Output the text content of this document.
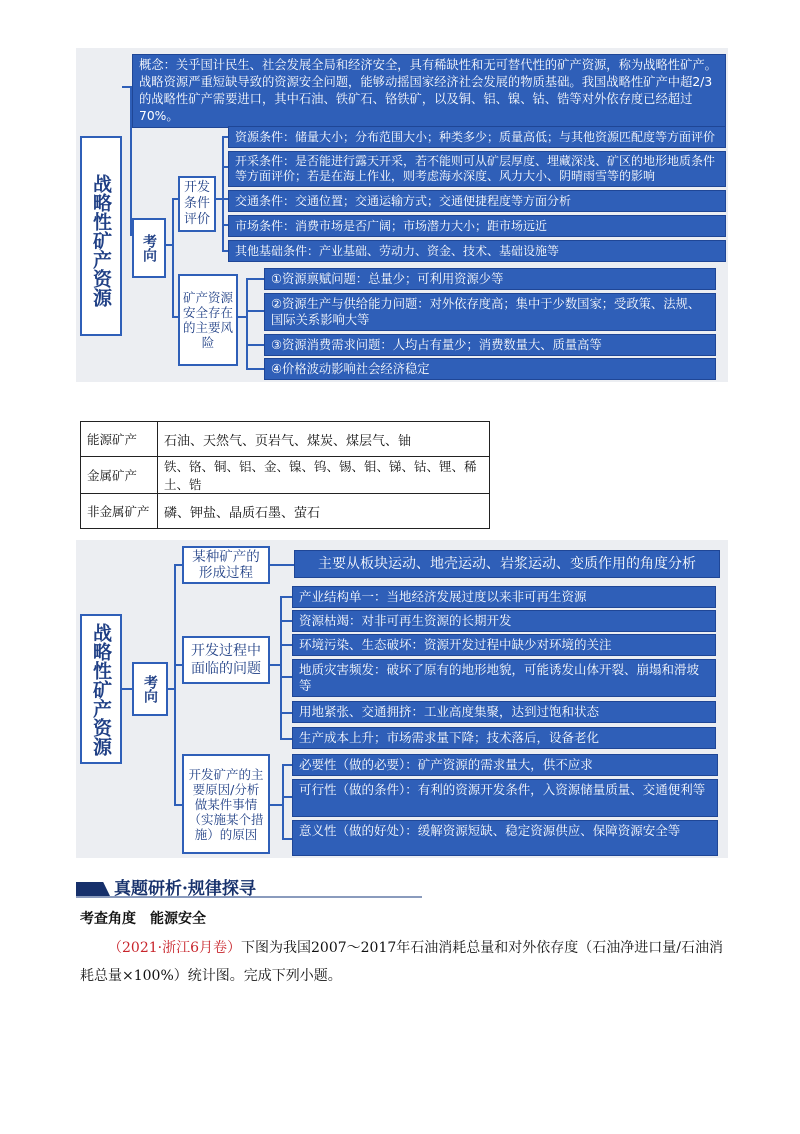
战略性矿产资源
概念：关乎国计民生、社会发展全局和经济安全，具有稀缺性和无可替代性的矿产资源，称为战略性矿产。战略资源严重短缺导致的资源安全问题，能够动摇国家经济社会发展的物质基础。我国战略性矿产中超2/3的战略性矿产需要进口，其中石油、铁矿石、铬铁矿，以及铜、铝、镍、钴、锆等对外依存度已经超过70%。
考向
开发条件评价
资源条件：储量大小；分布范围大小；种类多少；质量高低；与其他资源匹配度等方面评价
开采条件：是否能进行露天开采，若不能则可从矿层厚度、埋藏深浅、矿区的地形地质条件等方面评价；若是在海上作业，则考虑海水深度、风力大小、阴晴雨雪等的影响
交通条件：交通位置；交通运输方式；交通便捷程度等方面分析
市场条件：消费市场是否广阔；市场潜力大小；距市场远近
其他基础条件：产业基础、劳动力、资金、技术、基础设施等
矿产资源安全存在的主要风险
①资源禀赋问题：总量少；可利用资源少等
②资源生产与供给能力问题：对外依存度高；集中于少数国家；受政策、法规、国际关系影响大等
③资源消费需求问题：人均占有量少；消费数量大、质量高等
④价格波动影响社会经济稳定
能源矿产	石油、天然气、页岩气、煤炭、煤层气、铀
金属矿产	铁、铬、铜、铝、金、镍、钨、锡、钼、锑、钴、锂、稀土、锆
非金属矿产	磷、钾盐、晶质石墨、萤石
战略性矿产资源 考向
某种矿产的形成过程
主要从板块运动、地壳运动、岩浆运动、变质作用的角度分析
开发过程中面临的问题
产业结构单一：当地经济发展过度以来非可再生资源
资源枯竭：对非可再生资源的长期开发
环境污染、生态破坏：资源开发过程中缺少对环境的关注
地质灾害频发：破坏了原有的地形地貌，可能诱发山体开裂、崩塌和滑坡等
用地紧张、交通拥挤：工业高度集聚，达到过饱和状态
生产成本上升；市场需求量下降；技术落后，设备老化
开发矿产的主要原因/分析做某件事情（实施某个措施）的原因
必要性（做的必要）：矿产资源的需求量大，供不应求
可行性（做的条件）：有利的资源开发条件，入资源储量质量、交通便利等
意义性（做的好处）：缓解资源短缺、稳定资源供应、保障资源安全等
真题研析·规律探寻
考查角度　能源安全
（2021·浙江6月卷）下图为我国2007～2017年石油消耗总量和对外依存度（石油净进口量/石油消耗总量×100%）统计图。完成下列小题。
